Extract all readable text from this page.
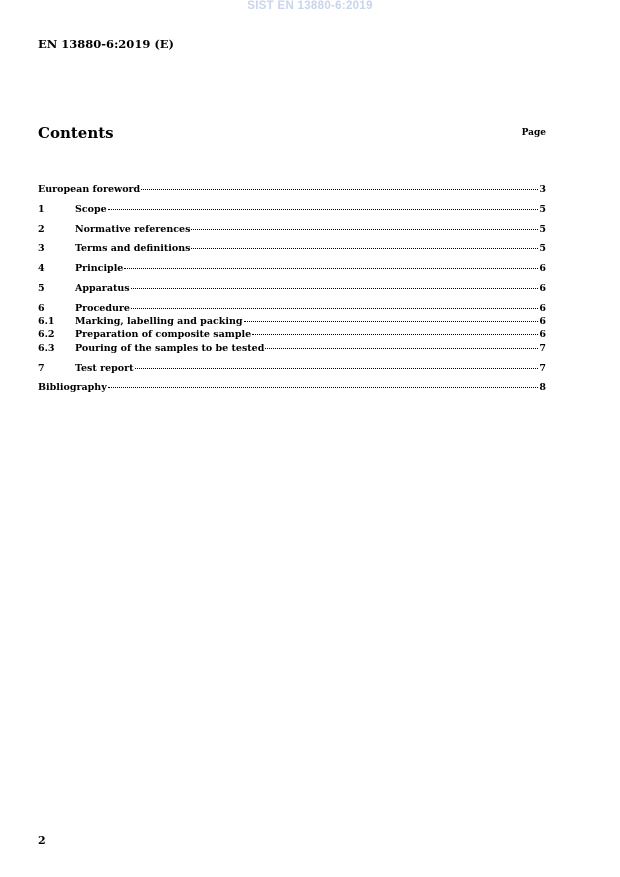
SIST EN 13880-6:2019
EN 13880-6:2019 (E)
Contents	Page
European foreword	3
1	Scope	5
2	Normative references	5
3	Terms and definitions	5
4	Principle	6
5	Apparatus	6
6	Procedure	6
6.1	Marking, labelling and packing	6
6.2	Preparation of composite sample	6
6.3	Pouring of the samples to be tested	7
7	Test report	7
Bibliography	8
2
